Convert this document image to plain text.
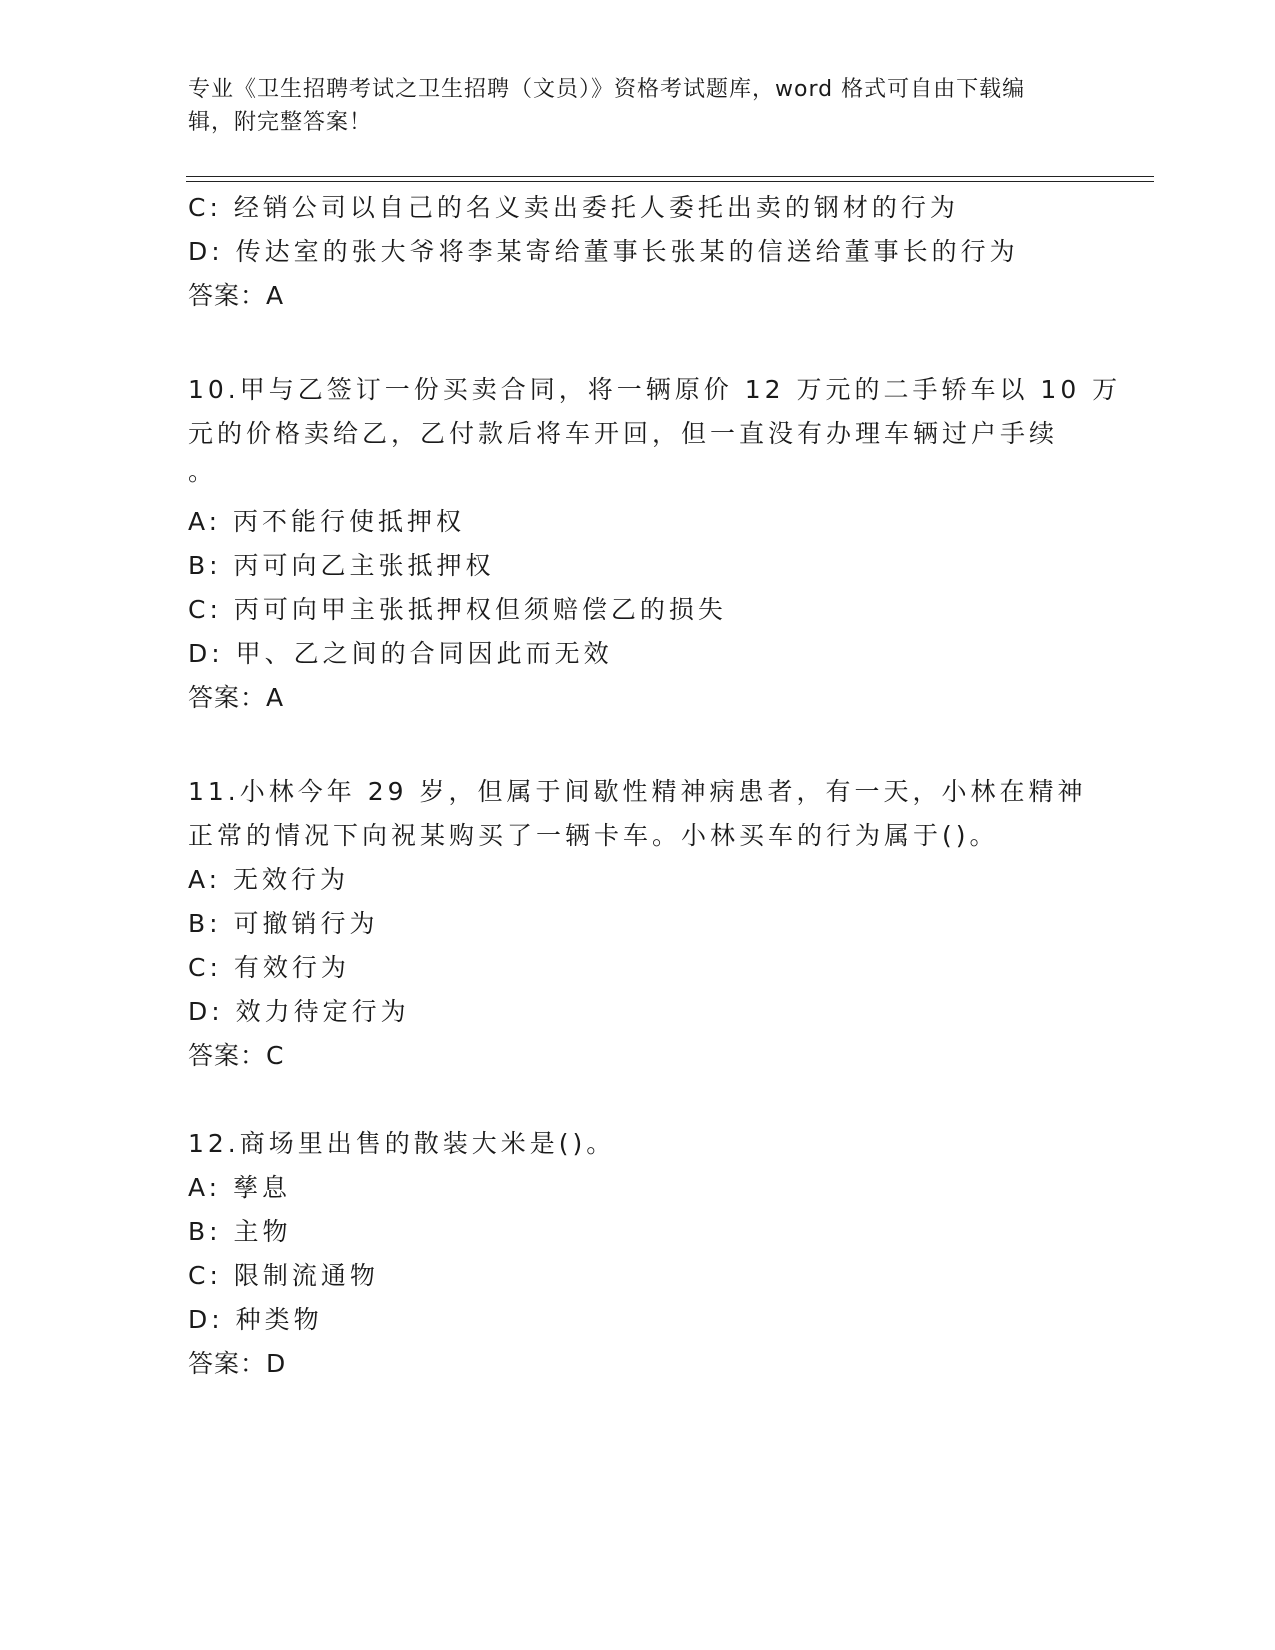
专业《卫生招聘考试之卫生招聘（文员）》资格考试题库，word 格式可自由下载编辑，附完整答案！
C: 经销公司以自己的名义卖出委托人委托出卖的钢材的行为
D: 传达室的张大爷将李某寄给董事长张某的信送给董事长的行为
答案：A
10.甲与乙签订一份买卖合同，将一辆原价 12 万元的二手轿车以 10 万
元的价格卖给乙，乙付款后将车开回，但一直没有办理车辆过户手续
。
A: 丙不能行使抵押权
B: 丙可向乙主张抵押权
C: 丙可向甲主张抵押权但须赔偿乙的损失
D: 甲、乙之间的合同因此而无效
答案：A
11.小林今年 29 岁，但属于间歇性精神病患者，有一天，小林在精神
正常的情况下向祝某购买了一辆卡车。小林买车的行为属于()。
A: 无效行为
B: 可撤销行为
C: 有效行为
D: 效力待定行为
答案：C
12.商场里出售的散装大米是()。
A: 孳息
B: 主物
C: 限制流通物
D: 种类物
答案：D
